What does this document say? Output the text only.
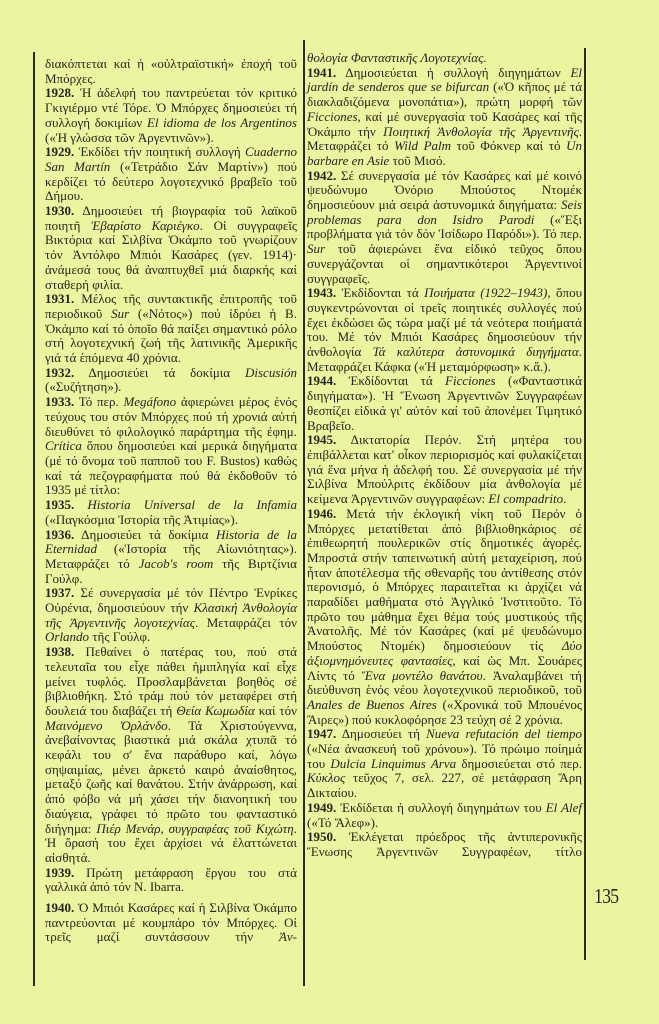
διακόπτεται καί ἡ «οὐλτραϊστική» ἐποχή τοῦ Μπόρχες.

1928. Ἡ ἀδελφή του παντρεύεται τόν κριτικό Γκιγιέρμο ντέ Τόρε. Ὁ Μπόρχες δημοσιεύει τή συλλογή δοκιμίων El idioma de los Argentinos («Ἡ γλώσσα τῶν Ἀργεντινῶν»).

1929. Ἐκδίδει τήν ποιητική συλλογή Cuaderno San Martín («Τετράδιο Σάν Μαρτίν») πού κερδίζει τό δεύτερο λογοτεχνικό βραβεῖο τοῦ Δήμου.

1930. Δημοσιεύει τή βιογραφία τοῦ λαϊκοῦ ποιητῆ Ἐβαρίστο Καριέγκο. Οἱ συγγραφεῖς Βικτόρια καί Σιλβίνα Ὀκάμπο τοῦ γνωρίζουν τόν Ἀντόλφο Μπιόι Κασάρες (γεν. 1914)· ἀνάμεσά τους θά ἀναπτυχθεῖ μιά διαρκής καί σταθερή φιλία.

1931. Μέλος τῆς συντακτικῆς ἐπιτροπῆς τοῦ περιοδικοῦ Sur («Νότος») πού ἱδρύει ἡ Β. Ὀκάμπο καί τό ὁποῖο θά παίξει σημαντικό ρόλο στή λογοτεχνική ζωή τῆς λατινικῆς Ἀμερικῆς γιά τά ἑπόμενα 40 χρόνια.

1932. Δημοσιεύει τά δοκίμια Discusión («Συζήτηση»).

1933. Τό περ. Megáfono ἀφιερώνει μέρος ἑνός τεύχους του στόν Μπόρχες πού τή χρονιά αὐτή διευθύνει τό φιλολογικό παράρτημα τῆς ἐφημ. Crítica ὅπου δημοσιεύει καί μερικά διηγήματα (μέ τό ὄνομα τοῦ παπποῦ του F. Bustos) καθώς καί τά πεζογραφήματα πού θά ἐκδοθοῦν τό 1935 μέ τίτλο:

1935. Historia Universal de la Infamia («Παγκόσμια Ἱστορία τῆς Ἀτιμίας»).

1936. Δημοσιεύει τά δοκίμια Historia de la Eternidad («Ἱστορία τῆς Αἰωνιότητας»). Μεταφράζει τό Jacob's room τῆς Βιρτζίνια Γούλφ.

1937. Σέ συνεργασία μέ τόν Πέντρο Ἐνρίκες Οὐρένια, δημοσιεύουν τήν Κλασική Ἀνθολογία τῆς Ἀργεντινῆς λογοτεχνίας. Μεταφράζει τόν Orlando τῆς Γούλφ.

1938. Πεθαίνει ὁ πατέρας του, πού στά τελευταῖα του εἶχε πάθει ἡμιπληγία καί εἶχε μείνει τυφλός. Προσλαμβάνεται βοηθός σέ βιβλιοθήκη. Στό τράμ πού τόν μεταφέρει στή δουλειά του διαβάζει τή Θεία Κωμωδία καί τόν Μαινόμενο Ὀρλάνδο. Τά Χριστούγεννα, ἀνεβαίνοντας βιαστικά μιά σκάλα χτυπᾶ τό κεφάλι του σ' ἕνα παράθυρο καί, λόγω σηψαιμίας, μένει ἀρκετό καιρό ἀναίσθητος, μεταξύ ζωῆς καί θανάτου. Στήν ἀνάρρωση, καί ἀπό φόβο νά μή χάσει τήν διανοητική του διαύγεια, γράφει τό πρῶτο του φανταστικό διήγημα: Πιέρ Μενάρ, συγγραφέας τοῦ Κιχώτη. Ἡ ὅρασή του ἔχει ἀρχίσει νά ἐλαττώνεται αἰσθητά.

1939. Πρώτη μετάφραση ἔργου του στά γαλλικά ἀπό τόν N. Ibarra.

1940. Ὁ Μπιόι Κασάρες καί ἡ Σιλβίνα Ὀκάμπο παντρεύονται μέ κουμπάρο τόν Μπόρχες. Οἱ τρεῖς μαζί συντάσσουν τήν Ἀν-

θολογία Φανταστικῆς Λογοτεχνίας.

1941. Δημοσιεύεται ἡ συλλογή διηγημάτων El jardín de senderos que se bifurcan («Ὁ κῆπος μέ τά διακλαδιζόμενα μονοπάτια»), πρώτη μορφή τῶν Ficciones, καί μέ συνεργασία τοῦ Κασάρες καί τῆς Ὀκάμπο τήν Ποιητική Ἀνθολογία τῆς Ἀργεντινῆς. Μεταφράζει τό Wild Palm τοῦ Φόκνερ καί τό Un barbare en Asie τοῦ Μισό.

1942. Σέ συνεργασία μέ τόν Κασάρες καί μέ κοινό ψευδώνυμο Ὀνόριο Μπούστος Ντομέκ δημοσιεύουν μιά σειρά ἀστυνομικά διηγήματα: Seis problemas para don Isidro Parodi («Ἕξι προβλήματα γιά τόν δόν Ἰσίδωρο Παρόδι»). Τό περ. Sur τοῦ ἀφιερώνει ἕνα εἰδικό τεῦχος ὅπου συνεργάζονται οἱ σημαντικότεροι Ἀργεντινοί συγγραφεῖς.

1943. Ἐκδίδονται τά Ποιήματα (1922–1943), ὅπου συγκεντρώνονται οἱ τρεῖς ποιητικές συλλογές πού ἔχει ἐκδώσει ὥς τώρα μαζί μέ τά νεότερα ποιήματά του. Μέ τόν Μπιόι Κασάρες δημοσιεύουν τήν ἀνθολογία Τά καλύτερα ἀστυνομικά διηγήματα. Μεταφράζει Κάφκα («Ἡ μεταμόρφωση» κ.ἄ.).

1944. Ἐκδίδονται τά Ficciones («Φανταστικά διηγήματα»). Ἡ Ἕνωση Ἀργεντινῶν Συγγραφέων θεσπίζει εἰδικά γι' αὐτόν καί τοῦ ἀπονέμει Τιμητικό Βραβεῖο.

1945. Δικτατορία Περόν. Στή μητέρα του ἐπιβάλλεται κατ' οἶκον περιορισμός καί φυλακίζεται γιά ἕνα μήνα ἡ ἀδελφή του. Σέ συνεργασία μέ τήν Σιλβίνα Μπούλριτς ἐκδίδουν μία ἀνθολογία μέ κείμενα Ἀργεντινῶν συγγραφέων: El compadrito.

1946. Μετά τήν ἐκλογική νίκη τοῦ Περόν ὁ Μπόρχες μετατίθεται ἀπό βιβλιοθηκάριος σέ ἐπιθεωρητή πουλερικῶν στίς δημοτικές ἀγορές. Μπροστά στήν ταπεινωτική αὐτή μεταχείριση, πού ἦταν ἀποτέλεσμα τῆς σθεναρῆς του ἀντίθεσης στόν περονισμό, ὁ Μπόρχες παραιτεῖται κι ἀρχίζει νά παραδίδει μαθήματα στό Ἀγγλικό Ἰνστιτοῦτο. Τό πρῶτο του μάθημα ἔχει θέμα τούς μυστικούς τῆς Ἀνατολῆς. Μέ τόν Κασάρες (καί μέ ψευδώνυμο Μπούστος Ντομέκ) δημοσιεύουν τίς Δύο ἀξιομνημόνευτες φαντασίες, καί ὡς Μπ. Σουάρες Λίντς τό Ἕνα μοντέλο θανάτου. Ἀναλαμβάνει τή διεύθυνση ἑνός νέου λογοτεχνικοῦ περιοδικοῦ, τοῦ Anales de Buenos Aires («Χρονικά τοῦ Μπουένος Ἄιρες») πού κυκλοφόρησε 23 τεύχη σέ 2 χρόνια.

1947. Δημοσιεύει τή Nueva refutación del tiempo («Νέα ἀνασκευή τοῦ χρόνου»). Τό πρώιμο ποίημά του Dulcia Linquimus Arva δημοσιεύεται στό περ. Κύκλος τεῦχος 7, σελ. 227, σέ μετάφραση Ἄρη Δικταίου.

1949. Ἐκδίδεται ἡ συλλογή διηγημάτων του El Alef («Τό Ἄλεφ»).

1950. Ἐκλέγεται πρόεδρος τῆς ἀντιπερονικῆς Ἕνωσης Ἀργεντινῶν Συγγραφέων, τίτλο

135
